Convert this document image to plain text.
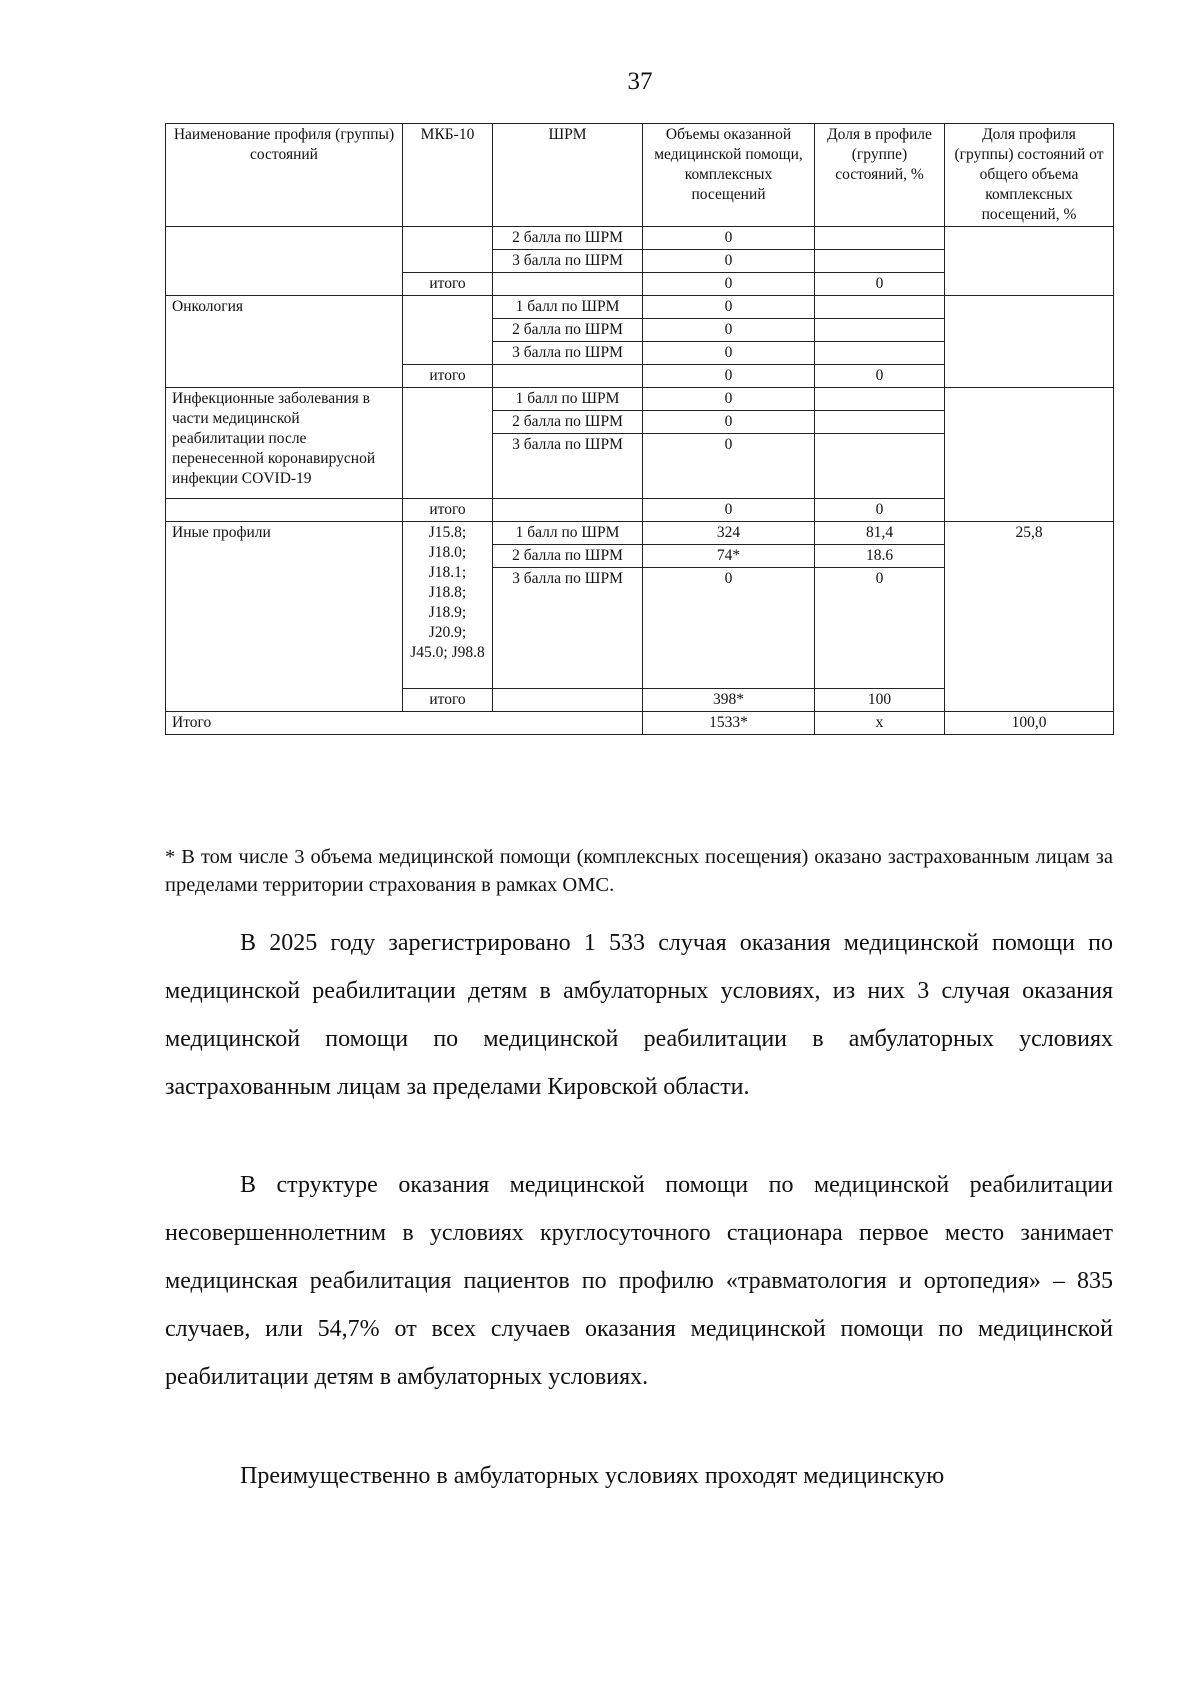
37
Наименование профиля (группы) состояний	МКБ-10	ШРМ	Объемы оказанной медицинской помощи, комплексных посещений	Доля в профиле (группе) состояний, %	Доля профиля (группы) состояний от общего объема комплексных посещений, %
		2 балла по ШРМ	0		
		3 балла по ШРМ	0		
	итого		0	0	
Онкология		1 балл по ШРМ	0		
		2 балла по ШРМ	0		
		3 балла по ШРМ	0		
	итого		0	0	
Инфекционные заболевания в части медицинской реабилитации после перенесенной коронавирусной инфекции COVID-19		1 балл по ШРМ	0		
		2 балла по ШРМ	0		
		3 балла по ШРМ	0		
	итого		0	0	
Иные профили	J15.8; J18.0; J18.1; J18.8; J18.9; J20.9; J45.0; J98.8	1 балл по ШРМ	324	81,4	25,8
		2 балла по ШРМ	74*	18.6	
		3 балла по ШРМ	0	0	
	итого		398*	100	
Итого			1533*	х	100,0
* В том числе 3 объема медицинской помощи (комплексных посещения) оказано застрахованным лицам за пределами территории страхования в рамках ОМС.

В 2025 году зарегистрировано 1 533 случая оказания медицинской помощи по медицинской реабилитации детям в амбулаторных условиях, из них 3 случая оказания медицинской помощи по медицинской реабилитации в амбулаторных условиях застрахованным лицам за пределами Кировской области.

В структуре оказания медицинской помощи по медицинской реабилитации несовершеннолетним в условиях круглосуточного стационара первое место занимает медицинская реабилитация пациентов по профилю «травматология и ортопедия» – 835 случаев, или 54,7% от всех случаев оказания медицинской помощи по медицинской реабилитации детям в амбулаторных условиях.

Преимущественно в амбулаторных условиях проходят медицинскую
